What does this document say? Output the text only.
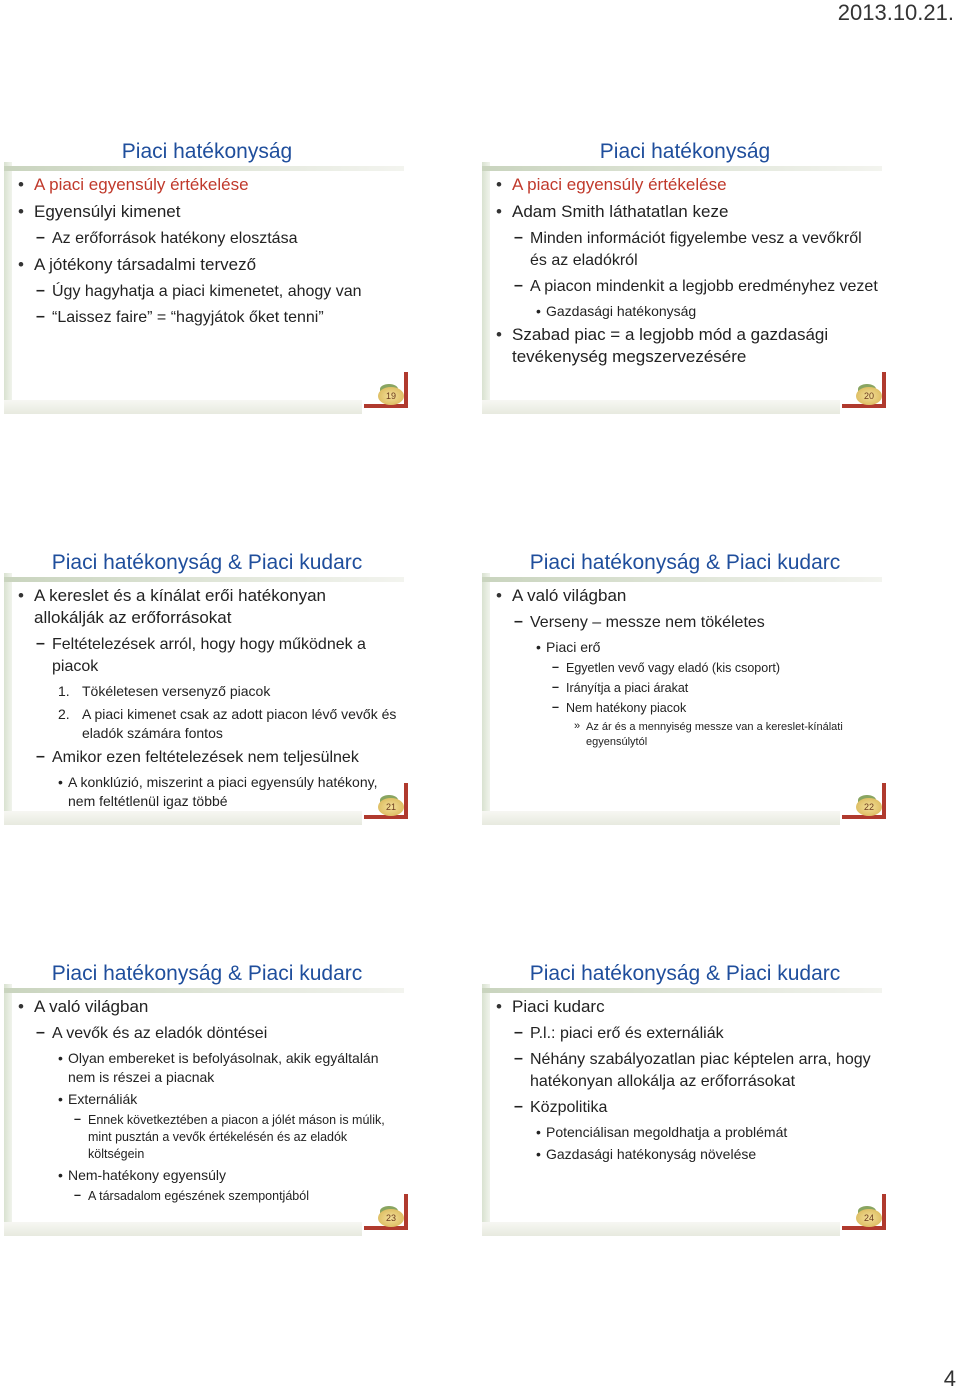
2013.10.21.
Piaci hatékonyság
• A piaci egyensúly értékelése
• Egyensúlyi kimenet
– Az erőforrások hatékony elosztása
• A jótékony társadalmi tervező
– Úgy hagyhatja a piaci kimenetet, ahogy van
– “Laissez faire” = “hagyjátok őket tenni”
19
Piaci hatékonyság
• A piaci egyensúly értékelése
• Adam Smith láthatatlan keze
– Minden információt figyelembe vesz a vevőkről és az eladókról
– A piacon mindenkit a legjobb eredményhez vezet
• Gazdasági hatékonyság
• Szabad piac = a legjobb mód a gazdasági tevékenység megszervezésére
20
Piaci hatékonyság & Piaci kudarc
• A kereslet és a kínálat erői hatékonyan allokálják az erőforrásokat
– Feltételezések arról, hogy hogy működnek a piacok
1. Tökéletesen versenyző piacok
2. A piaci kimenet csak az adott piacon lévő vevők és eladók számára fontos
– Amikor ezen feltételezések nem teljesülnek
• A konklúzió, miszerint a piaci egyensúly hatékony, nem feltétlenül igaz többé	21
Piaci hatékonyság & Piaci kudarc
• A való világban
– Verseny – messze nem tökéletes
• Piaci erő
– Egyetlen vevő vagy eladó (kis csoport)
– Irányítja a piaci árakat
– Nem hatékony piacok
» Az ár és a mennyiség messze van a kereslet-kínálati egyensúlytól
22
Piaci hatékonyság & Piaci kudarc
• A való világban
– A vevők és az eladók döntései
• Olyan embereket is befolyásolnak, akik egyáltalán nem is részei a piacnak
• Externáliák
– Ennek következtében a piacon a jólét máson is múlik, mint pusztán a vevők értékelésén és az eladók költségein
• Nem-hatékony egyensúly
– A társadalom egészének szempontjából
23
Piaci hatékonyság & Piaci kudarc
• Piaci kudarc
– P.l.: piaci erő és externáliák
– Néhány szabályozatlan piac képtelen arra, hogy hatékonyan allokálja az erőforrásokat
– Közpolitika
• Potenciálisan megoldhatja a problémát
• Gazdasági hatékonyság növelése
24
4
